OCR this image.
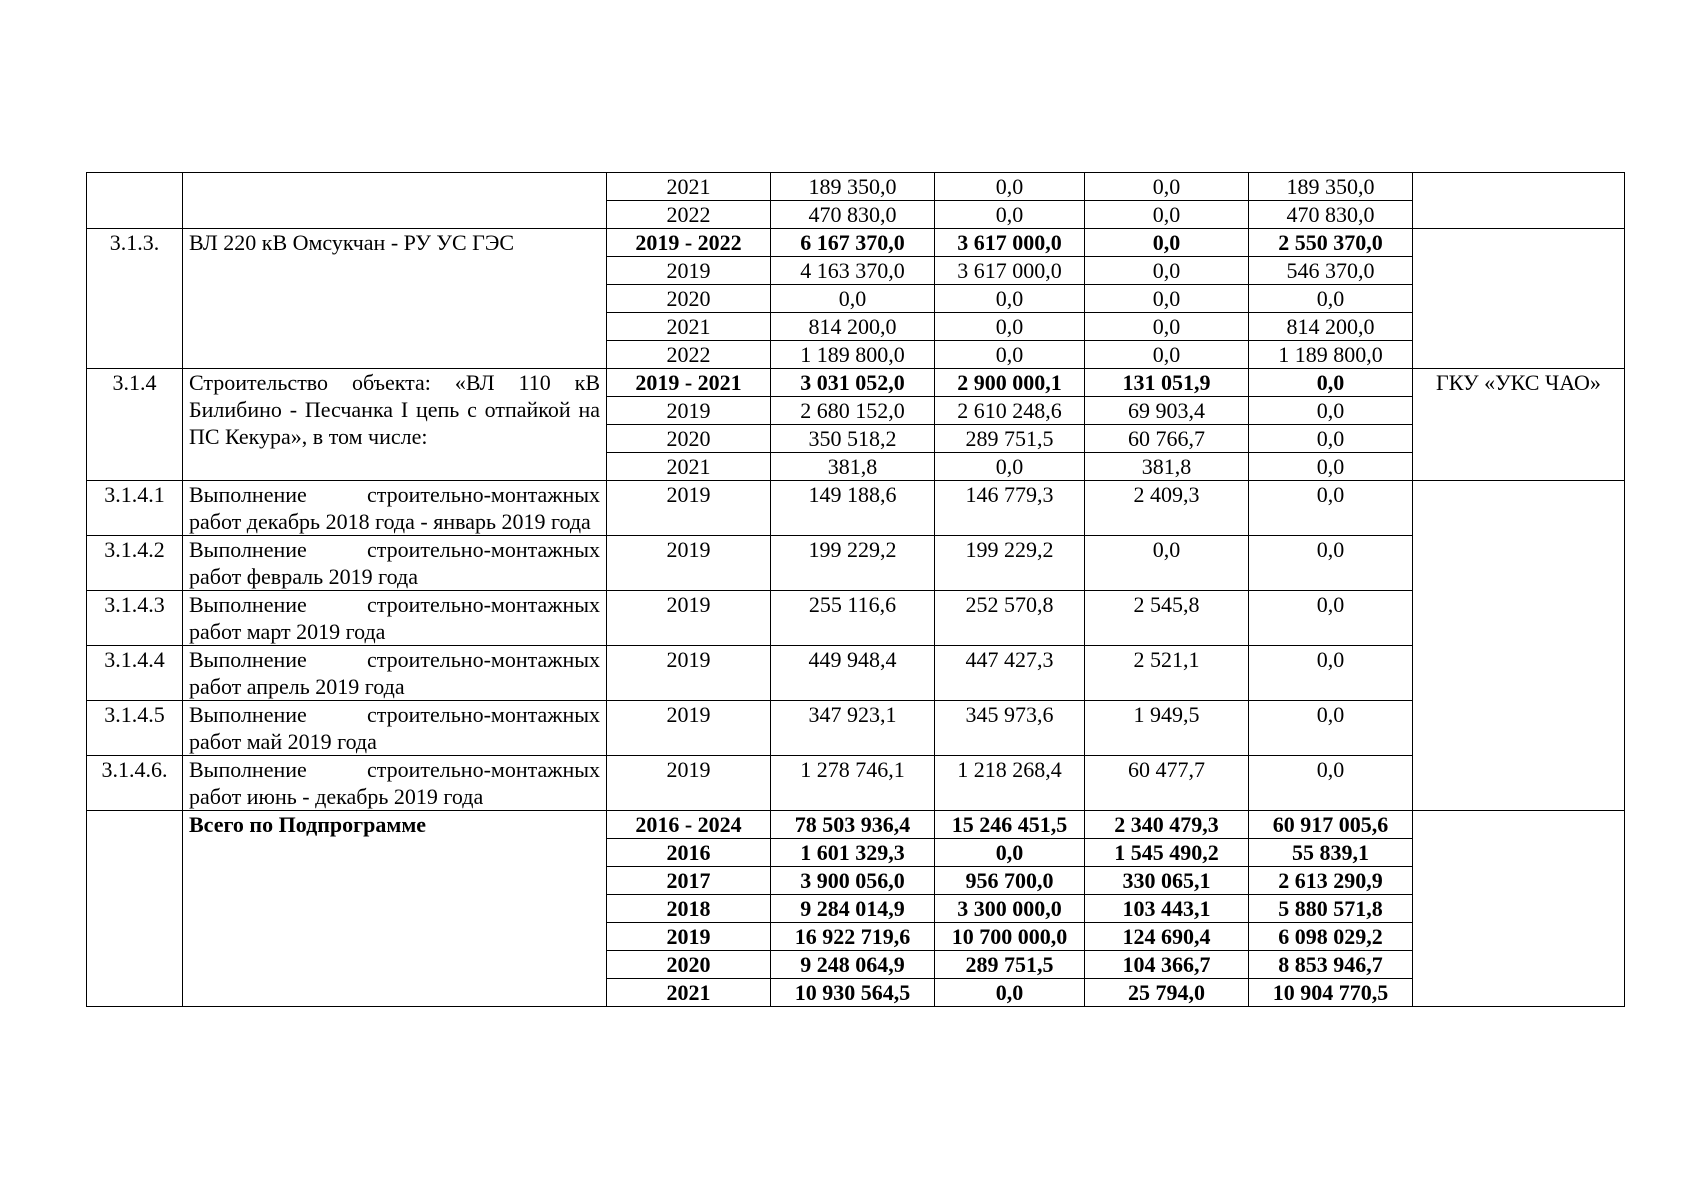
		2021	189 350,0	0,0	0,0	189 350,0	
		2022	470 830,0	0,0	0,0	470 830,0	
3.1.3.	ВЛ 220 кВ Омсукчан - РУ УС ГЭС	2019 - 2022	6 167 370,0	3 617 000,0	0,0	2 550 370,0	
		2019	4 163 370,0	3 617 000,0	0,0	546 370,0	
		2020	0,0	0,0	0,0	0,0	
		2021	814 200,0	0,0	0,0	814 200,0	
		2022	1 189 800,0	0,0	0,0	1 189 800,0	
3.1.4	Строительство объекта: «ВЛ 110 кВ Билибино - Песчанка I цепь с отпайкой на ПС Кекура», в том числе:	2019 - 2021	3 031 052,0	2 900 000,1	131 051,9	0,0	ГКУ «УКС ЧАО»
		2019	2 680 152,0	2 610 248,6	69 903,4	0,0	
		2020	350 518,2	289 751,5	60 766,7	0,0	
		2021	381,8	0,0	381,8	0,0	
3.1.4.1	Выполнение строительно-монтажных работ декабрь 2018 года - январь 2019 года	2019	149 188,6	146 779,3	2 409,3	0,0	
3.1.4.2	Выполнение строительно-монтажных работ февраль 2019 года	2019	199 229,2	199 229,2	0,0	0,0	
3.1.4.3	Выполнение строительно-монтажных работ март 2019 года	2019	255 116,6	252 570,8	2 545,8	0,0	
3.1.4.4	Выполнение строительно-монтажных работ апрель 2019 года	2019	449 948,4	447 427,3	2 521,1	0,0	
3.1.4.5	Выполнение строительно-монтажных работ май 2019 года	2019	347 923,1	345 973,6	1 949,5	0,0	
3.1.4.6.	Выполнение строительно-монтажных работ июнь - декабрь 2019 года	2019	1 278 746,1	1 218 268,4	60 477,7	0,0	
	Всего по Подпрограмме	2016 - 2024	78 503 936,4	15 246 451,5	2 340 479,3	60 917 005,6	
		2016	1 601 329,3	0,0	1 545 490,2	55 839,1	
		2017	3 900 056,0	956 700,0	330 065,1	2 613 290,9	
		2018	9 284 014,9	3 300 000,0	103 443,1	5 880 571,8	
		2019	16 922 719,6	10 700 000,0	124 690,4	6 098 029,2	
		2020	9 248 064,9	289 751,5	104 366,7	8 853 946,7	
		2021	10 930 564,5	0,0	25 794,0	10 904 770,5	
